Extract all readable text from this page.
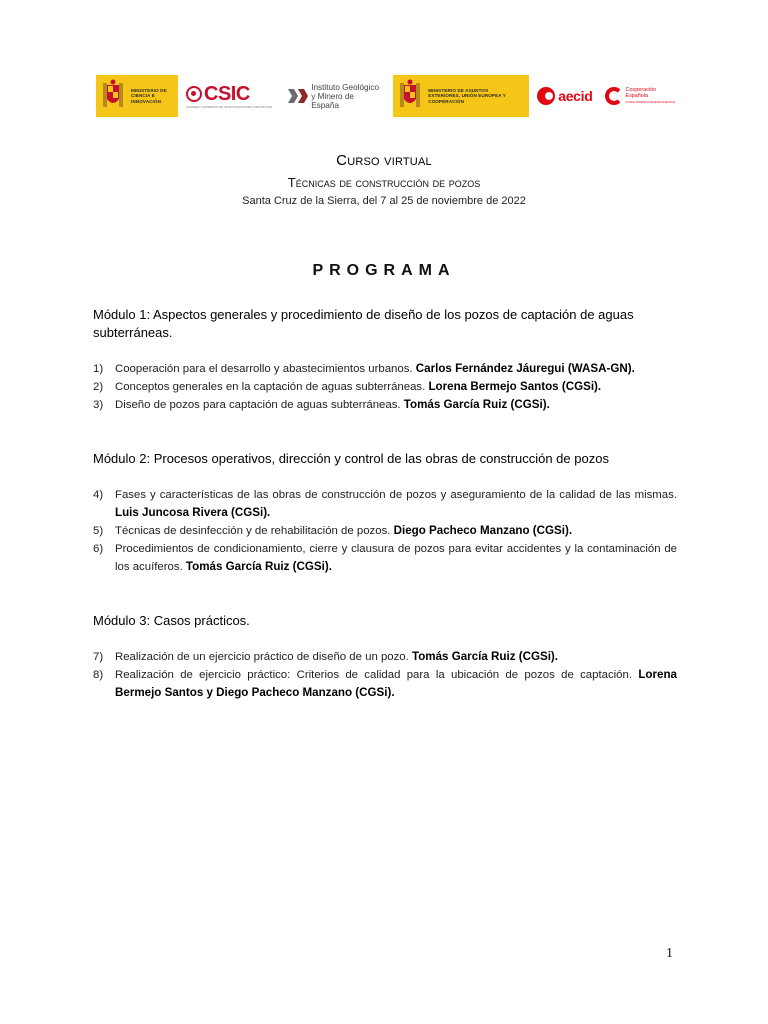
MINISTERIO DE CIENCIA E INNOVACIÓN	CSIC
CONSEJO SUPERIOR DE INVESTIGACIONES CIENTÍFICAS
Instituto Geológico y Minero de España
MINISTERIO DE ASUNTOS EXTERIORES, UNIÓN EUROPEA Y COOPERACIÓN	aecid	Cooperación
Española
CONOCIMIENTO/INTERCONEXIÓN
Curso virtual
Técnicas de construcción de pozos
Santa Cruz de la Sierra, del 7 al 25 de noviembre de 2022
PROGRAMA

Módulo 1: Aspectos generales y procedimiento de diseño de los pozos de captación de aguas subterráneas.

1)	Cooperación para el desarrollo y abastecimientos urbanos. Carlos Fernández Jáuregui (WASA-GN).
2)	Conceptos generales en la captación de aguas subterráneas. Lorena Bermejo Santos (CGSi).
3)	Diseño de pozos para captación de aguas subterráneas. Tomás García Ruiz (CGSi).

Módulo 2: Procesos operativos, dirección y control de las obras de construcción de pozos

4)	Fases y características de las obras de construcción de pozos y aseguramiento de la calidad de las mismas. Luis Juncosa Rivera (CGSi).
5)	Técnicas de desinfección y de rehabilitación de pozos. Diego Pacheco Manzano (CGSi).
6)	Procedimientos de condicionamiento, cierre y clausura de pozos para evitar accidentes y la contaminación de los acuíferos. Tomás García Ruiz (CGSi).

Módulo 3: Casos prácticos.

7)	Realización de un ejercicio práctico de diseño de un pozo. Tomás García Ruiz (CGSi).
8)	Realización de ejercicio práctico: Criterios de calidad para la ubicación de pozos de captación. Lorena Bermejo Santos y Diego Pacheco Manzano (CGSi).
1
